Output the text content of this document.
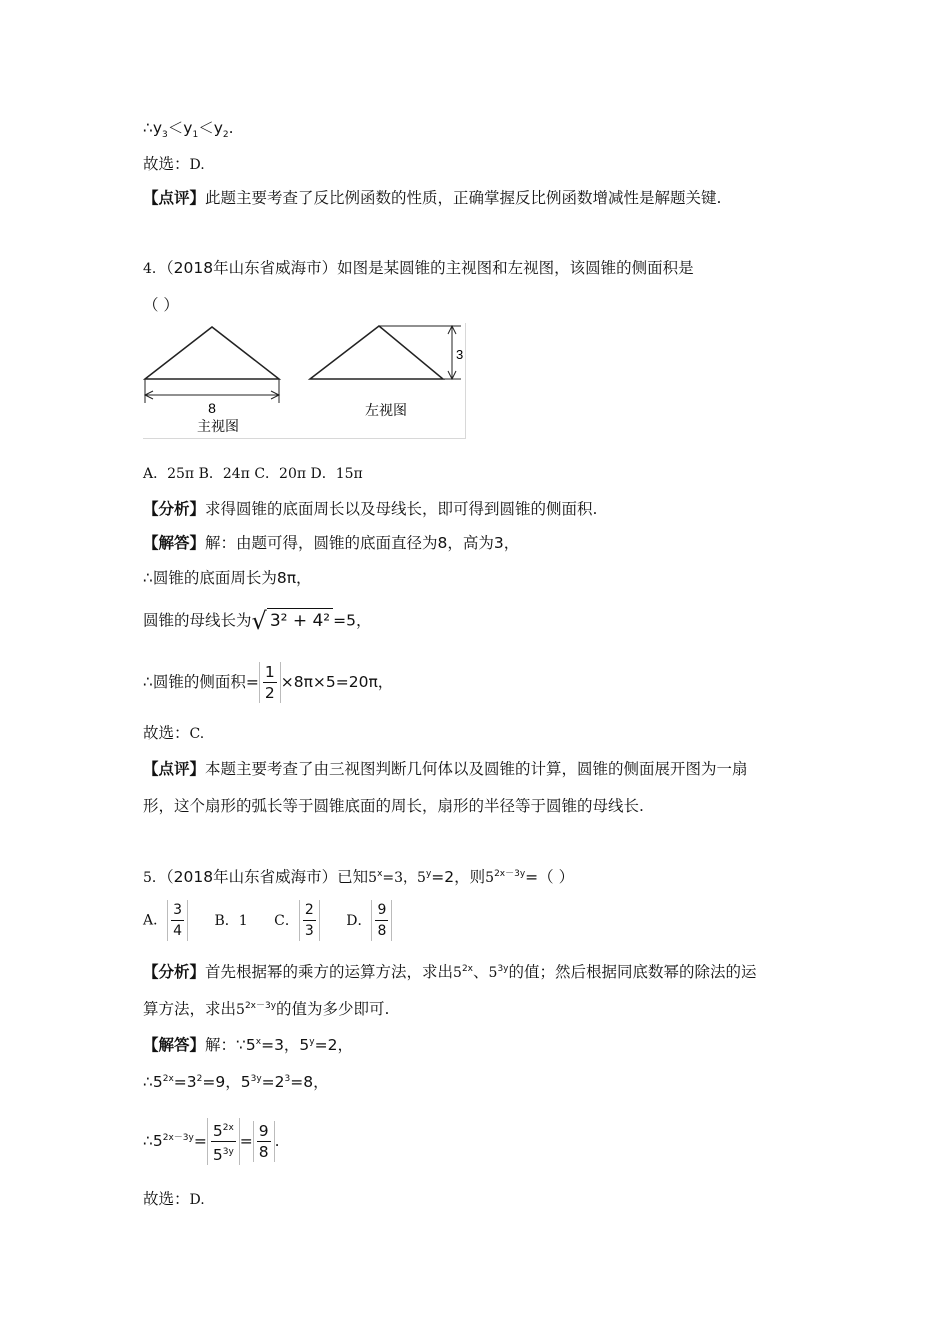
$\therefore y_3<y_1<y_2$.
故选：D.
【点评】此题主要考查了反比例函数的性质，正确掌握反比例函数增减性是解题关键.
4．（2018年山东省威海市）如图是某圆锥的主视图和左视图，该圆锥的侧面积是
（ ）
8
主视图
3
左视图
A．25π B．24π C．20π D．15π
【分析】求得圆锥的底面周长以及母线长，即可得到圆锥的侧面积.
【解答】解：由题可得，圆锥的底面直径为8，高为3，
∴圆锥的底面周长为8π，
圆锥的母线长为 √ 3² + 4² =5，
∴圆锥的侧面积= $\frac{1}{2} \times 8\pi\times 5=20\pi$，
故选：C.
【点评】本题主要考查了由三视图判断几何体以及圆锥的计算，圆锥的侧面展开图为一扇
形，这个扇形的弧长等于圆锥底面的周长，扇形的半径等于圆锥的母线长.
5．（2018年山东省威海市）已知$5^x=3$，$5^y=2$，则$5^{2x-3y}=$（ ）
A． $\frac{3}{4}$ B．1 C． $\frac{2}{3}$ D． $\frac{9}{8}$
【分析】首先根据幂的乘方的运算方法，求出$5^{2x}$、$5^{3y}$的值；然后根据同底数幂的除法的运
算方法，求出$5^{2x-3y}$的值为多少即可.
【解答】解：$\because 5^x=3$，$5^y=2$，
$\therefore 5^{2x}=3^2=9$，$5^{3y}=2^3=8$，
$\therefore 5^{2x-3y}= \frac{5^{2x}}{5^{3y}} = \frac{9}{8}$ .
故选：D.
